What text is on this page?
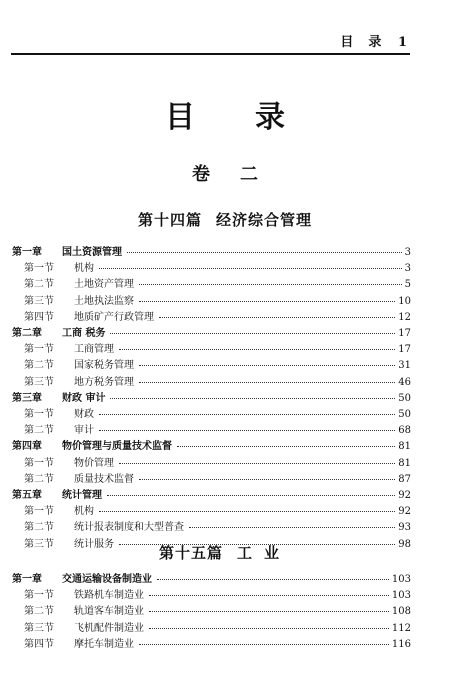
目　录 1
目录
卷二
第十四篇 经济综合管理
第一章	国土资源管理	3
第一节	机构	3
第二节	土地资产管理	5
第三节	土地执法监察	10
第四节	地质矿产行政管理	12
第二章	工商 税务	17
第一节	工商管理	17
第二节	国家税务管理	31
第三节	地方税务管理	46
第三章	财政 审计	50
第一节	财政	50
第二节	审计	68
第四章	物价管理与质量技术监督	81
第一节	物价管理	81
第二节	质量技术监督	87
第五章	统计管理	92
第一节	机构	92
第二节	统计报表制度和大型普查	93
第三节	统计服务	98
第十五篇 工业
第一章	交通运输设备制造业	103
第一节	铁路机车制造业	103
第二节	轨道客车制造业	108
第三节	飞机配件制造业	112
第四节	摩托车制造业	116
